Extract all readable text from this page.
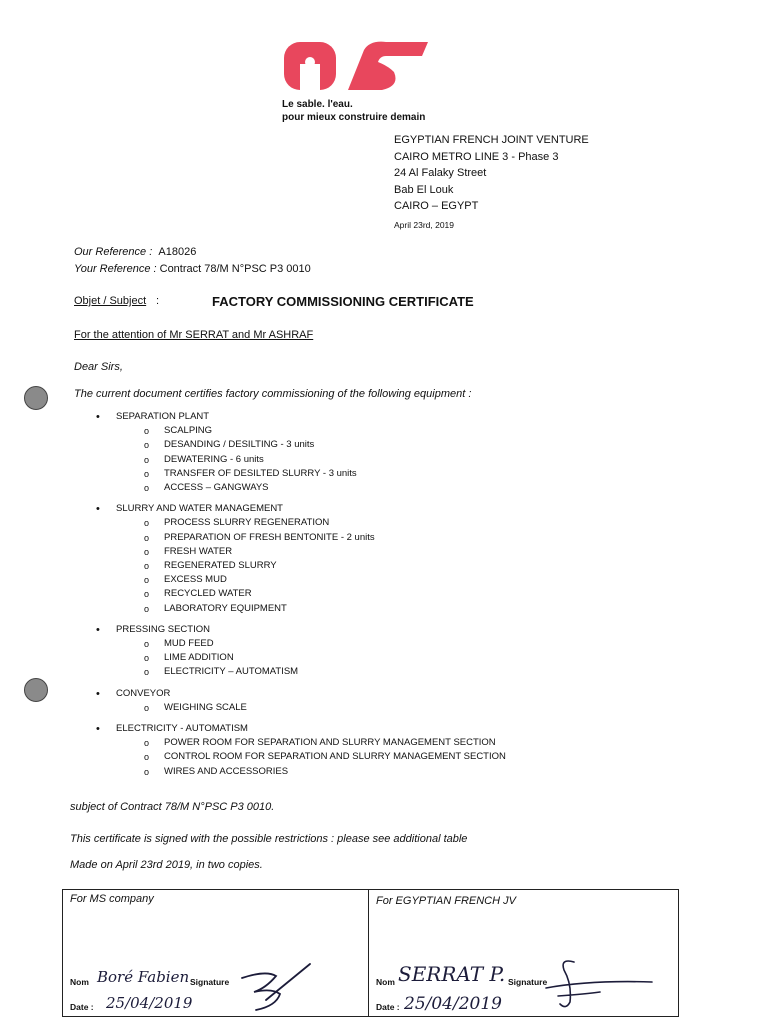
Le sable. l'eau.
pour mieux construire demain
EGYPTIAN FRENCH JOINT VENTURE
CAIRO METRO LINE 3 - Phase 3
24 Al Falaky Street
Bab El Louk
CAIRO – EGYPT
April 23rd, 2019
Our Reference : A18026
Your Reference : Contract 78/M N°PSC P3 0010
Objet / Subject :	FACTORY COMMISSIONING CERTIFICATE
For the attention of Mr SERRAT and Mr ASHRAF
Dear Sirs,
The current document certifies factory commissioning of the following equipment :
• SEPARATION PLANT
o SCALPING
o DESANDING / DESILTING - 3 units
o DEWATERING - 6 units
o TRANSFER OF DESILTED SLURRY - 3 units
o ACCESS – GANGWAYS
• SLURRY AND WATER MANAGEMENT
o PROCESS SLURRY REGENERATION
o PREPARATION OF FRESH BENTONITE - 2 units
o FRESH WATER
o REGENERATED SLURRY
o EXCESS MUD
o RECYCLED WATER
o LABORATORY EQUIPMENT
• PRESSING SECTION
o MUD FEED
o LIME ADDITION
o ELECTRICITY – AUTOMATISM
• CONVEYOR
o WEIGHING SCALE
• ELECTRICITY - AUTOMATISM
o POWER ROOM FOR SEPARATION AND SLURRY MANAGEMENT SECTION
o CONTROL ROOM FOR SEPARATION AND SLURRY MANAGEMENT SECTION
o WIRES AND ACCESSORIES
subject of Contract 78/M N°PSC P3 0010.
This certificate is signed with the possible restrictions : please see additional table
Made on April 23rd 2019, in two copies.
For MS company
Nom Boré Fabien Signature
Date : 25/04/2019
For EGYPTIAN FRENCH JV
Nom SERRAT P. Signature
Date : 25/04/2019
